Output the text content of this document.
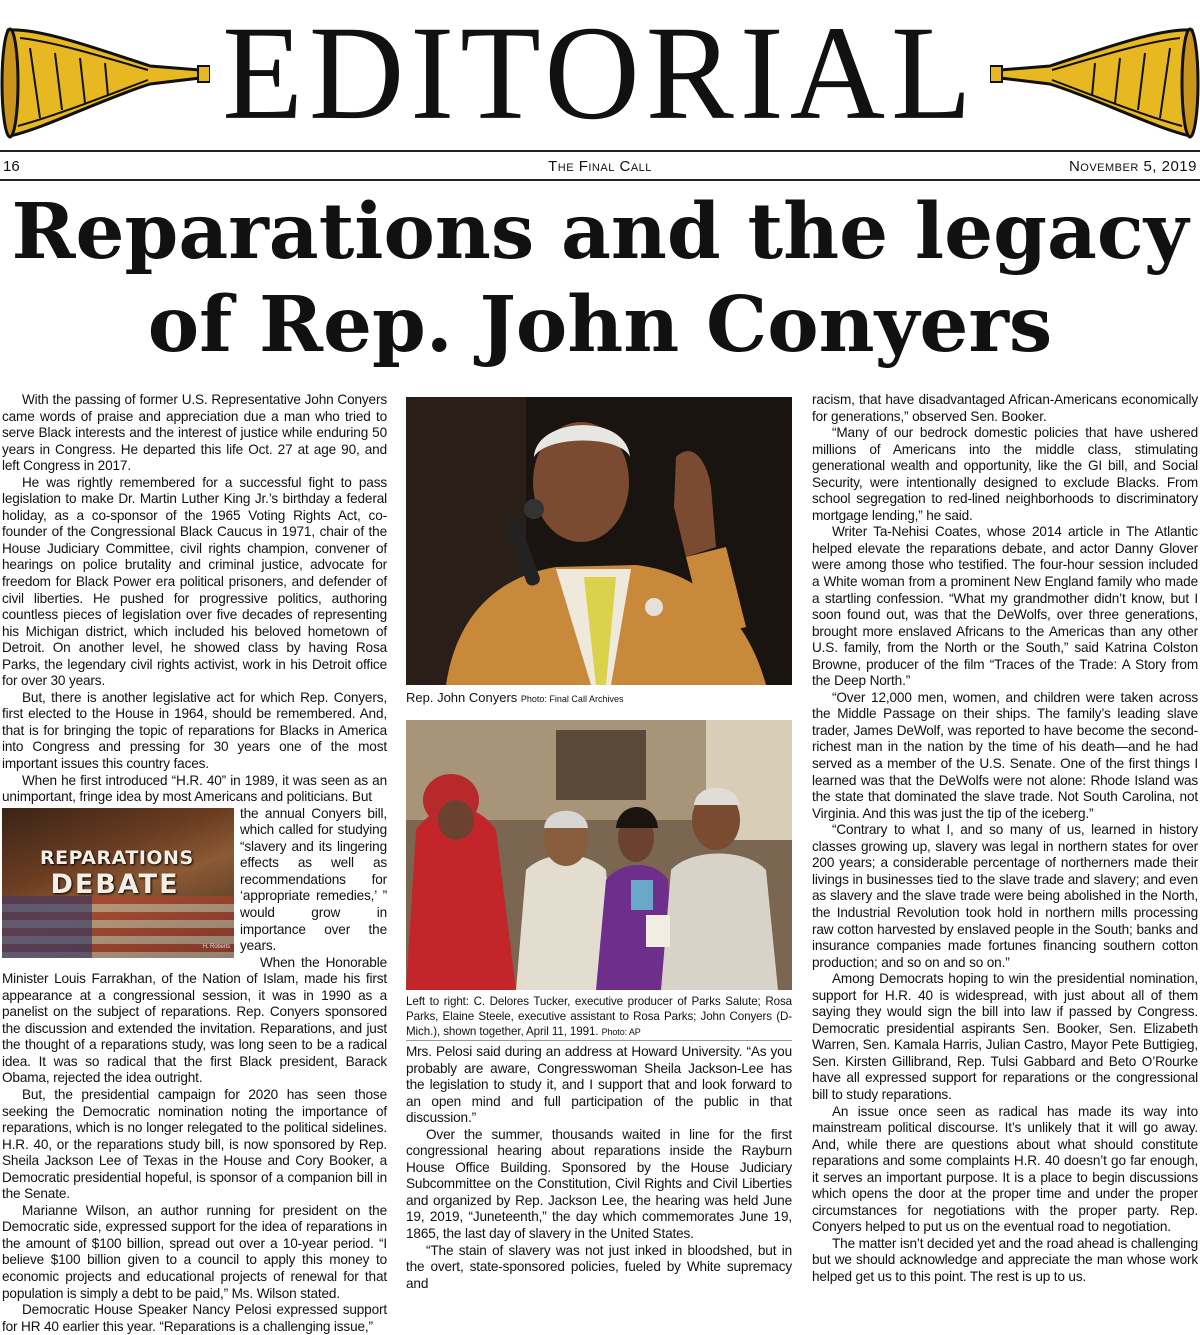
EDITORIAL
16	The Final Call	November 5, 2019
Reparations and the legacy
of Rep. John Conyers

With the passing of former U.S. Representative John Conyers came words of praise and appreciation due a man who tried to serve Black interests and the interest of justice while enduring 50 years in Congress. He departed this life Oct. 27 at age 90, and left Congress in 2017.

He was rightly remembered for a successful fight to pass legislation to make Dr. Martin Luther King Jr.’s birthday a federal holiday, as a co-sponsor of the 1965 Voting Rights Act, co-founder of the Congressional Black Caucus in 1971, chair of the House Judiciary Committee, civil rights champion, convener of hearings on police brutality and criminal justice, advocate for freedom for Black Power era political prisoners, and defender of civil liberties. He pushed for progressive politics, authoring countless pieces of legislation over five decades of representing his Michigan district, which included his beloved hometown of Detroit. On another level, he showed class by having Rosa Parks, the legendary civil rights activist, work in his Detroit office for over 30 years.

But, there is another legislative act for which Rep. Conyers, first elected to the House in 1964, should be remembered. And, that is for bringing the topic of reparations for Blacks in America into Congress and pressing for 30 years one of the most important issues this country faces.

When he first introduced “H.R. 40” in 1989, it was seen as an unimportant, fringe idea by most Americans and politicians. But

REPARATIONS
DEBATE
H. Roberts

the annual Conyers bill, which called for studying “slavery and its lingering effects as well as recommendations for ‘appropriate remedies,’ ” would grow in importance over the years.

When the Honorable Minister Louis Farrakhan, of the Nation of Islam, made his first appearance at a congressional session, it was in 1990 as a panelist on the subject of reparations. Rep. Conyers sponsored the discussion and extended the invitation. Reparations, and just the thought of a reparations study, was long seen to be a radical idea. It was so radical that the first Black president, Barack Obama, rejected the idea outright.

But, the presidential campaign for 2020 has seen those seeking the Democratic nomination noting the importance of reparations, which is no longer relegated to the political sidelines. H.R. 40, or the reparations study bill, is now sponsored by Rep. Sheila Jackson Lee of Texas in the House and Cory Booker, a Democratic presidential hopeful, is sponsor of a companion bill in the Senate.

Marianne Wilson, an author running for president on the Democratic side, expressed support for the idea of reparations in the amount of $100 billion, spread out over a 10-year period. “I believe $100 billion given to a council to apply this money to economic projects and educational projects of renewal for that population is simply a debt to be paid,” Ms. Wilson stated.

Democratic House Speaker Nancy Pelosi expressed support for HR 40 earlier this year. “Reparations is a challenging issue,”

Rep. John Conyers Photo: Final Call Archives
Left to right: C. Delores Tucker, executive producer of Parks Salute; Rosa Parks, Elaine Steele, executive assistant to Rosa Parks; John Conyers (D-Mich.), shown together, April 11, 1991. Photo: AP

Mrs. Pelosi said during an address at Howard University. “As you probably are aware, Congresswoman Sheila Jackson-Lee has the legislation to study it, and I support that and look forward to an open mind and full participation of the public in that discussion.”

Over the summer, thousands waited in line for the first congressional hearing about reparations inside the Rayburn House Office Building. Sponsored by the House Judiciary Subcommittee on the Constitution, Civil Rights and Civil Liberties and organized by Rep. Jackson Lee, the hearing was held June 19, 2019, “Juneteenth,” the day which commemorates June 19, 1865, the last day of slavery in the United States.

“The stain of slavery was not just inked in bloodshed, but in the overt, state-sponsored policies, fueled by White supremacy and

racism, that have disadvantaged African-Americans economically for generations,” observed Sen. Booker.

“Many of our bedrock domestic policies that have ushered millions of Americans into the middle class, stimulating generational wealth and opportunity, like the GI bill, and Social Security, were intentionally designed to exclude Blacks. From school segregation to red-lined neighborhoods to discriminatory mortgage lending,” he said.

Writer Ta-Nehisi Coates, whose 2014 article in The Atlantic helped elevate the reparations debate, and actor Danny Glover were among those who testified. The four-hour session included a White woman from a prominent New England family who made a startling confession. “What my grandmother didn’t know, but I soon found out, was that the DeWolfs, over three generations, brought more enslaved Africans to the Americas than any other U.S. family, from the North or the South,” said Katrina Colston Browne, producer of the film “Traces of the Trade: A Story from the Deep North.”

“Over 12,000 men, women, and children were taken across the Middle Passage on their ships. The family’s leading slave trader, James DeWolf, was reported to have become the second-richest man in the nation by the time of his death—and he had served as a member of the U.S. Senate. One of the first things I learned was that the DeWolfs were not alone: Rhode Island was the state that dominated the slave trade. Not South Carolina, not Virginia. And this was just the tip of the iceberg.”

“Contrary to what I, and so many of us, learned in history classes growing up, slavery was legal in northern states for over 200 years; a considerable percentage of northerners made their livings in businesses tied to the slave trade and slavery; and even as slavery and the slave trade were being abolished in the North, the Industrial Revolution took hold in northern mills processing raw cotton harvested by enslaved people in the South; banks and insurance companies made fortunes financing southern cotton production; and so on and so on.”

Among Democrats hoping to win the presidential nomination, support for H.R. 40 is widespread, with just about all of them saying they would sign the bill into law if passed by Congress. Democratic presidential aspirants Sen. Booker, Sen. Elizabeth Warren, Sen. Kamala Harris, Julian Castro, Mayor Pete Buttigieg, Sen. Kirsten Gillibrand, Rep. Tulsi Gabbard and Beto O’Rourke have all expressed support for reparations or the congressional bill to study reparations.

An issue once seen as radical has made its way into mainstream political discourse. It’s unlikely that it will go away. And, while there are questions about what should constitute reparations and some complaints H.R. 40 doesn’t go far enough, it serves an important purpose. It is a place to begin discussions which opens the door at the proper time and under the proper circumstances for negotiations with the proper party. Rep. Conyers helped to put us on the eventual road to negotiation.

The matter isn’t decided yet and the road ahead is challenging but we should acknowledge and appreciate the man whose work helped get us to this point. The rest is up to us.
